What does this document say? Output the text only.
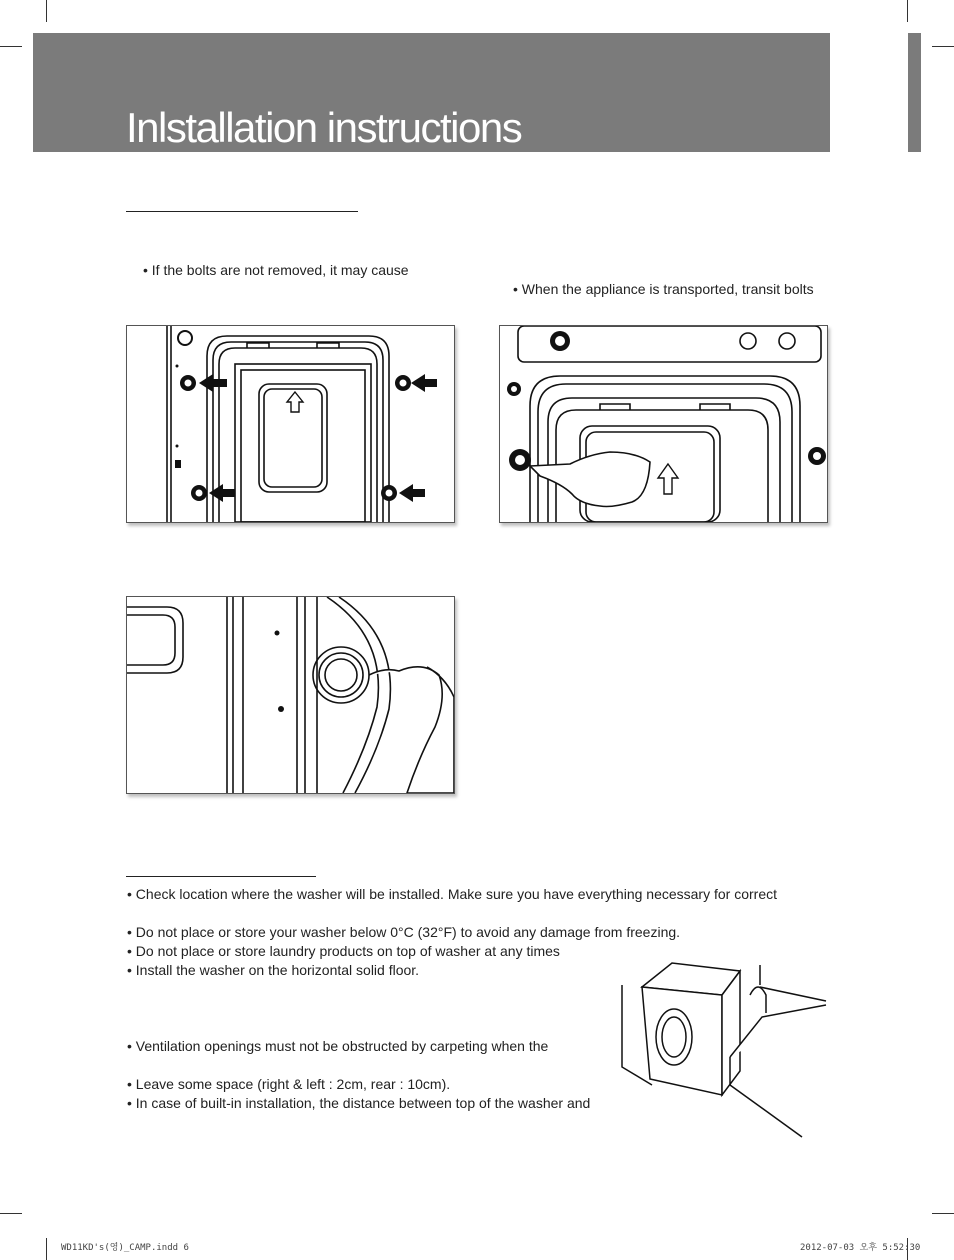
Inlstallation instructions
• If the bolts are not removed, it may cause
• When the appliance is transported, transit bolts
• Check location where the washer will be installed. Make sure you have everything necessary for correct
• Do not place or store your washer below 0°C (32°F) to avoid any damage from freezing.
• Do not place or store laundry products on top of washer at any times
• Install the washer on the horizontal solid floor.
• Ventilation openings must not be obstructed by carpeting when the
• Leave some space (right & left : 2cm, rear : 10cm).
• In case of built-in installation, the distance between top of the washer and
WD11KD's(영)_CAMP.indd 6	2012-07-03 오후 5:52:30
